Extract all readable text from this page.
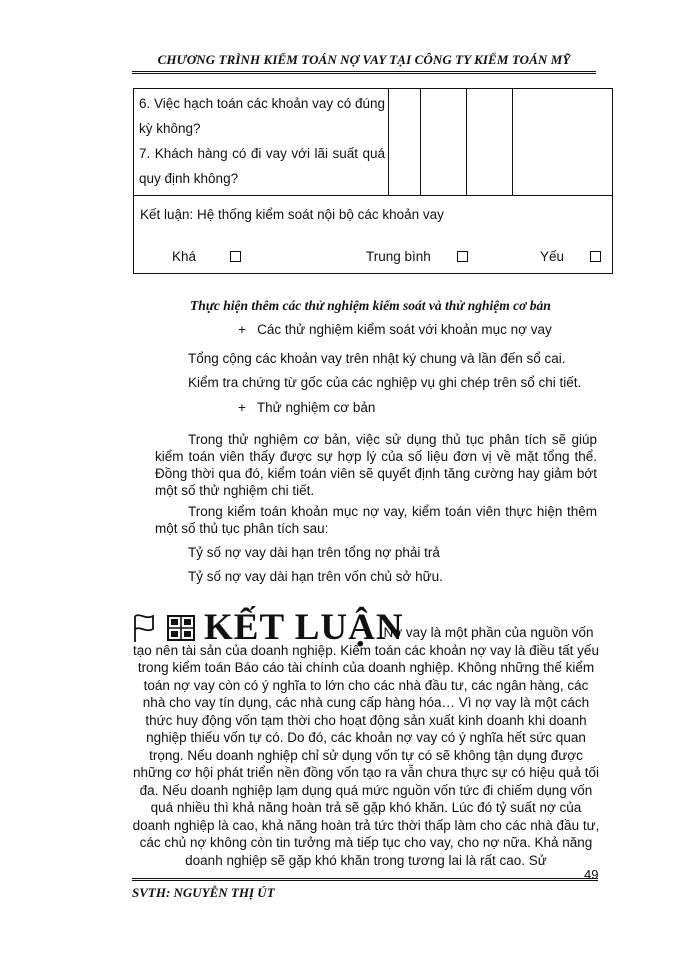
CHƯƠNG TRÌNH KIỂM TOÁN NỢ VAY TẠI CÔNG TY KIỂM TOÁN MỸ

6. Việc hạch toán các khoản vay có đúng kỳ không?

7. Khách hàng có đi vay với lãi suất quá quy định không?

Kết luận: Hệ thống kiểm soát nội bộ các khoản vay
Khá	Trung bình	Yếu
Thực hiện thêm các thử nghiệm kiểm soát và thử nghiệm cơ bản
+ Các thử nghiệm kiểm soát với khoản mục nợ vay
Tổng cộng các khoản vay trên nhật ký chung và lần đến sổ cai.
Kiểm tra chứng từ gốc của các nghiệp vụ ghi chép trên sổ chi tiết.
+ Thử nghiệm cơ bản
Trong thử nghiệm cơ bản, việc sử dụng thủ tục phân tích sẽ giúp kiểm toán viên thấy được sự hợp lý của số liệu đơn vị về mặt tổng thể. Đồng thời qua đó, kiểm toán viên sẽ quyết định tăng cường hay giảm bớt một số thử nghiệm chi tiết.
Trong kiểm toán khoản mục nợ vay, kiểm toán viên thực hiện thêm một số thủ tục phân tích sau:
Tỷ số nợ vay dài hạn trên tổng nợ phải trả
Tỷ số nợ vay dài hạn trên vốn chủ sở hữu.
KẾT LUẬN
Nợ vay là một phần của nguồn vốn tạo nên tài sản của doanh nghiệp. Kiểm toán các khoản nợ vay là điều tất yếu trong kiểm toán Báo cáo tài chính của doanh nghiệp. Không những thế kiểm toán nợ vay còn có ý nghĩa to lớn cho các nhà đầu tư, các ngân hàng, các nhà cho vay tín dụng, các nhà cung cấp hàng hóa… Vì nợ vay là một cách thức huy động vốn tạm thời cho hoạt động sản xuất kinh doanh khi doanh nghiệp thiếu vốn tự có. Do đó, các khoản nợ vay có ý nghĩa hết sức quan trọng. Nếu doanh nghiệp chỉ sử dụng vốn tự có sẽ không tận dụng được những cơ hội phát triển nền đồng vốn tạo ra vẫn chưa thực sự có hiệu quả tối đa. Nếu doanh nghiệp lạm dụng quá mức nguồn vốn tức đi chiếm dụng vốn quá nhiều thì khả năng hoàn trả sẽ gặp khó khăn. Lúc đó tỷ suất nợ của doanh nghiệp là cao, khả năng hoàn trả tức thời thấp làm cho các nhà đầu tư, các chủ nợ không còn tin tưởng mà tiếp tục cho vay, cho nợ nữa. Khả năng doanh nghiệp sẽ gặp khó khăn trong tương lai là rất cao. Sử
SVTH: NGUYỄN THỊ ÚT
49
